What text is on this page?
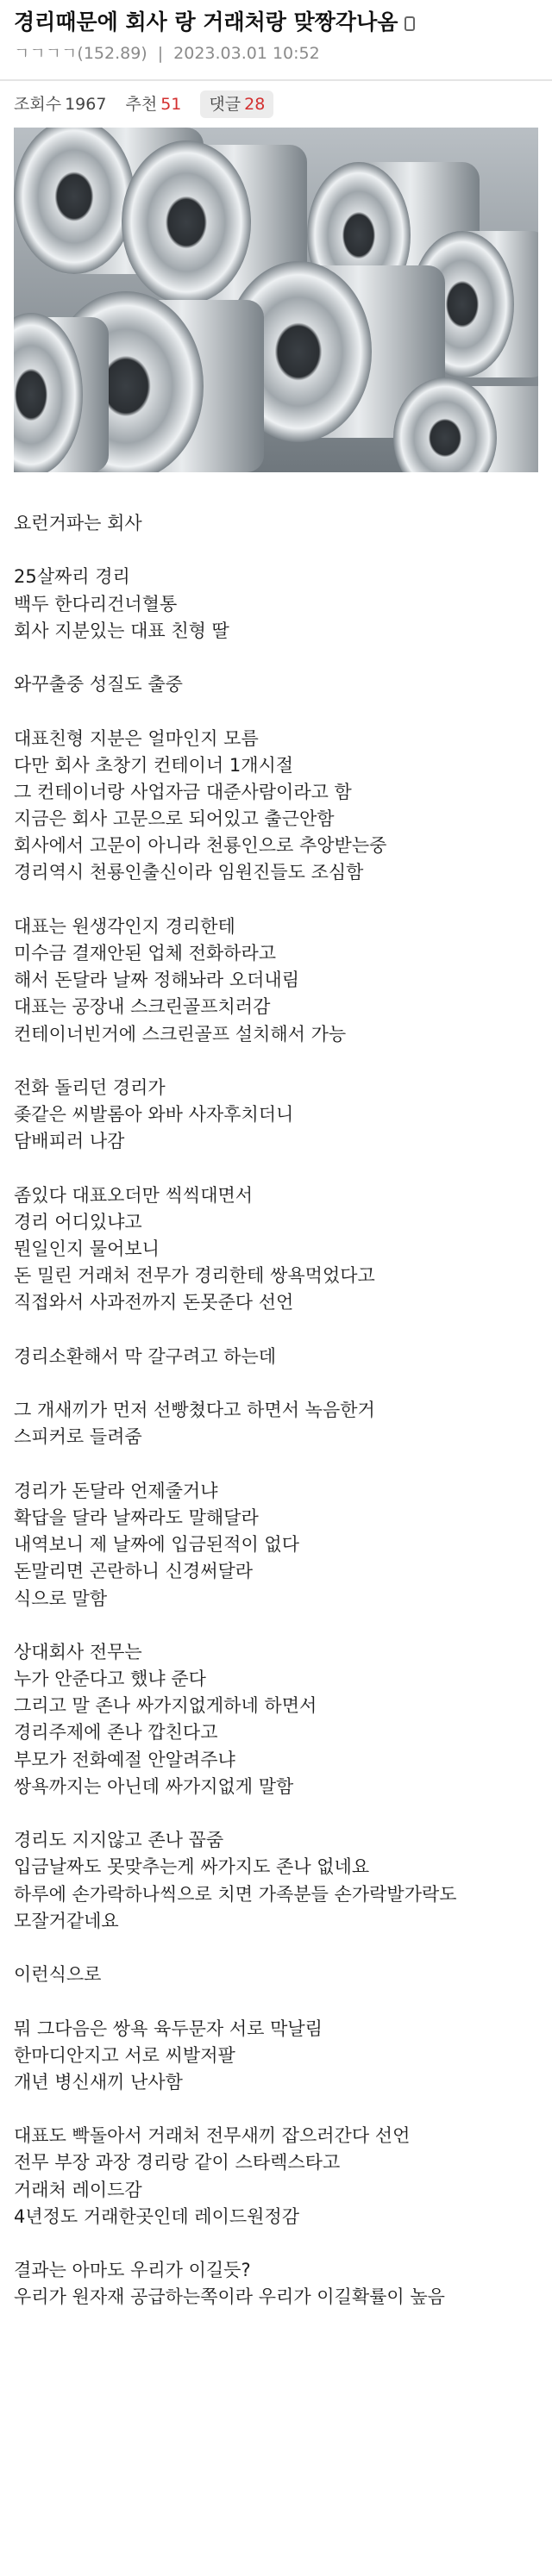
경리때문에 회사 랑 거래처랑 맞짱각나옴
ㄱㄱㄱㄱ(152.89) | 2023.03.01 10:52
조회수 1967 추천 51 댓글 28
요런거파는 회사
25살짜리 경리
백두 한다리건너혈통
회사 지분있는 대표 친형 딸
와꾸출중 성질도 출중
대표친형 지분은 얼마인지 모름
다만 회사 초창기 컨테이너 1개시절
그 컨테이너랑 사업자금 대준사람이라고 함
지금은 회사 고문으로 되어있고 출근안함
회사에서 고문이 아니라 천룡인으로 추앙받는중
경리역시 천룡인출신이라 임원진들도 조심함
대표는 원생각인지 경리한테
미수금 결재안된 업체 전화하라고
해서 돈달라 날짜 정해놔라 오더내림
대표는 공장내 스크린골프치러감
컨테이너빈거에 스크린골프 설치해서 가능
전화 돌리던 경리가
좆같은 씨발롬아 와바 사자후치더니
담배피러 나감
좀있다 대표오더만 씩씩대면서
경리 어디있냐고
뭔일인지 물어보니
돈 밀린 거래처 전무가 경리한테 쌍욕먹었다고
직접와서 사과전까지 돈못준다 선언
경리소환해서 막 갈구려고 하는데
그 개새끼가 먼저 선빵쳤다고 하면서 녹음한거
스피커로 들려줌
경리가 돈달라 언제줄거냐
확답을 달라 날짜라도 말해달라
내역보니 제 날짜에 입금된적이 없다
돈말리면 곤란하니 신경써달라
식으로 말함
상대회사 전무는
누가 안준다고 했냐 준다
그리고 말 존나 싸가지없게하네 하면서
경리주제에 존나 깝친다고
부모가 전화예절 안알려주냐
쌍욕까지는 아닌데 싸가지없게 말함
경리도 지지않고 존나 꼽줌
입금날짜도 못맞추는게 싸가지도 존나 없네요
하루에 손가락하나씩으로 치면 가족분들 손가락발가락도
모잘거같네요
이런식으로
뭐 그다음은 쌍욕 육두문자 서로 막날림
한마디안지고 서로 씨발저팔
개년 병신새끼 난사함
대표도 빡돌아서 거래처 전무새끼 잡으러간다 선언
전무 부장 과장 경리랑 같이 스타렉스타고
거래처 레이드감
4년정도 거래한곳인데 레이드원정감
결과는 아마도 우리가 이길듯?
우리가 원자재 공급하는쪽이라 우리가 이길확률이 높음
